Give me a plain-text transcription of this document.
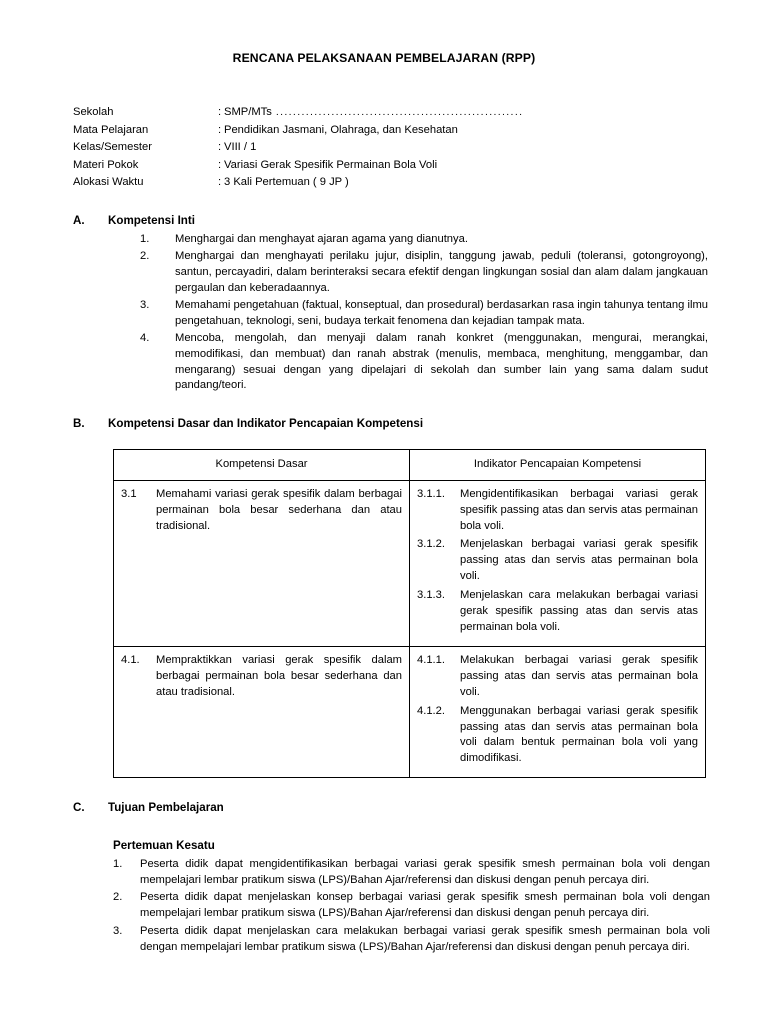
RENCANA PELAKSANAAN PEMBELAJARAN (RPP)
Sekolah	: SMP/MTs ..........................................................
Mata Pelajaran	: Pendidikan Jasmani, Olahraga, dan Kesehatan
Kelas/Semester	: VIII / 1
Materi Pokok	: Variasi Gerak Spesifik Permainan Bola Voli
Alokasi Waktu	: 3 Kali Pertemuan ( 9 JP )
A.	Kompetensi Inti
1.	Menghargai dan menghayat ajaran agama yang dianutnya.
2.	Menghargai dan menghayati perilaku jujur, disiplin, tanggung jawab, peduli (toleransi, gotongroyong), santun, percayadiri, dalam berinteraksi secara efektif dengan lingkungan sosial dan alam dalam jangkauan pergaulan dan keberadaannya.
3.	Memahami pengetahuan (faktual, konseptual, dan prosedural) berdasarkan rasa ingin tahunya tentang ilmu pengetahuan, teknologi, seni, budaya terkait fenomena dan kejadian tampak mata.
4.	Mencoba, mengolah, dan menyaji dalam ranah konkret (menggunakan, mengurai, merangkai, memodifikasi, dan membuat) dan ranah abstrak (menulis, membaca, menghitung, menggambar, dan mengarang) sesuai dengan yang dipelajari di sekolah dan sumber lain yang sama dalam sudut pandang/teori.
B.	Kompetensi Dasar dan Indikator Pencapaian Kompetensi
Kompetensi Dasar	Indikator Pencapaian Kompetensi

3.1	Memahami variasi gerak spesifik dalam berbagai permainan bola besar sederhana dan atau tradisional.

3.1.1.	Mengidentifikasikan berbagai variasi gerak spesifik passing atas dan servis atas permainan bola voli.
3.1.2.	Menjelaskan berbagai variasi gerak spesifik passing atas dan servis atas permainan bola voli.
3.1.3.	Menjelaskan cara melakukan berbagai variasi gerak spesifik passing atas dan servis atas permainan bola voli.

4.1.	Mempraktikkan variasi gerak spesifik dalam berbagai permainan bola besar sederhana dan atau tradisional.

4.1.1.	Melakukan berbagai variasi gerak spesifik passing atas dan servis atas permainan bola voli.
4.1.2.	Menggunakan berbagai variasi gerak spesifik passing atas dan servis atas permainan bola voli dalam bentuk permainan bola voli yang dimodifikasi.
C.	Tujuan Pembelajaran
Pertemuan Kesatu
1.	Peserta didik dapat mengidentifikasikan berbagai variasi gerak spesifik smesh permainan bola voli dengan mempelajari lembar pratikum siswa (LPS)/Bahan Ajar/referensi dan diskusi dengan penuh percaya diri.
2.	Peserta didik dapat menjelaskan konsep berbagai variasi gerak spesifik smesh permainan bola voli dengan mempelajari lembar pratikum siswa (LPS)/Bahan Ajar/referensi dan diskusi dengan penuh percaya diri.
3.	Peserta didik dapat menjelaskan cara melakukan berbagai variasi gerak spesifik smesh permainan bola voli dengan mempelajari lembar pratikum siswa (LPS)/Bahan Ajar/referensi dan diskusi dengan penuh percaya diri.
